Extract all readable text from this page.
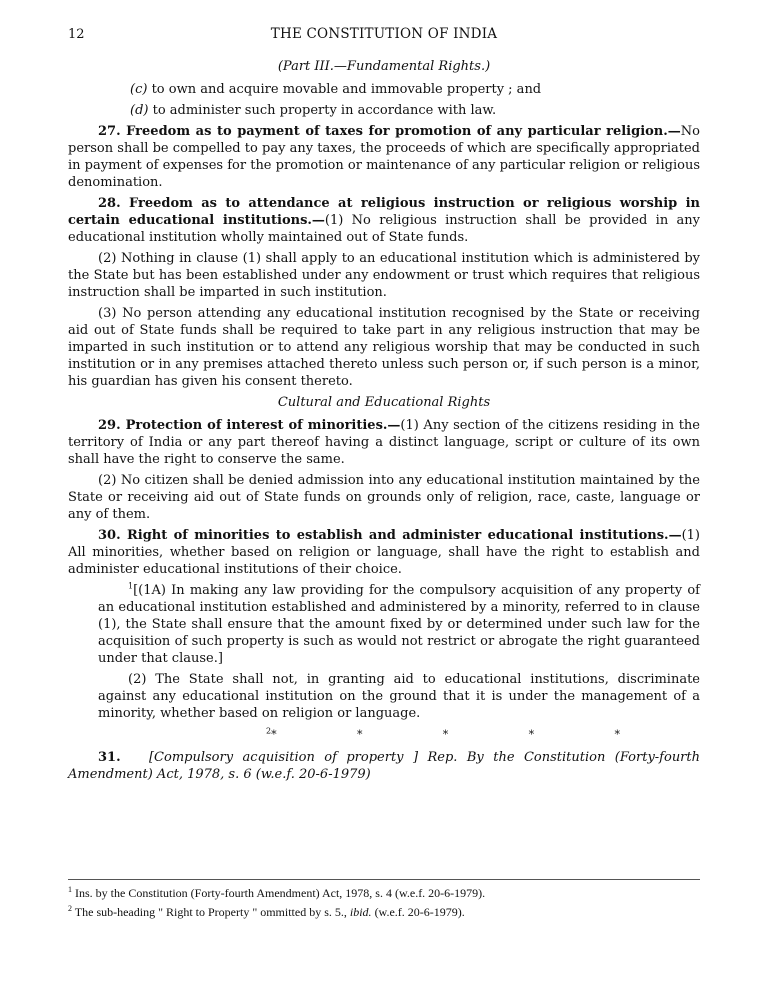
12	THE CONSTITUTION OF INDIA
(Part III.—Fundamental Rights.)

(c) to own and acquire movable and immovable property ; and

(d) to administer such property in accordance with law.

27. Freedom as to payment of taxes for promotion of any particular religion.—No person shall be compelled to pay any taxes, the proceeds of which are specifically appropriated in payment of expenses for the promotion or maintenance of any particular religion or religious denomination.

28. Freedom as to attendance at religious instruction or religious worship in certain educational institutions.—(1) No religious instruction shall be provided in any educational institution wholly maintained out of State funds.

(2) Nothing in clause (1) shall apply to an educational institution which is administered by the State but has been established under any endowment or trust which requires that religious instruction shall be imparted in such institution.

(3) No person attending any educational institution recognised by the State or receiving aid out of State funds shall be required to take part in any religious instruction that may be imparted in such institution or to attend any religious worship that may be conducted in such institution or in any premises attached thereto unless such person or, if such person is a minor, his guardian has given his consent thereto.

Cultural and Educational Rights

29. Protection of interest of minorities.—(1) Any section of the citizens residing in the territory of India or any part thereof having a distinct language, script or culture of its own shall have the right to conserve the same.

(2) No citizen shall be denied admission into any educational institution maintained by the State or receiving aid out of State funds on grounds only of religion, race, caste, language or any of them.

30. Right of minorities to establish and administer educational institutions.—(1) All minorities, whether based on religion or language, shall have the right to establish and administer educational institutions of their choice.

$^1$[(1A) In making any law providing for the compulsory acquisition of any property of an educational institution established and administered by a minority, referred to in clause (1), the State shall ensure that the amount fixed by or determined under such law for the acquisition of such property is such as would not restrict or abrogate the right guaranteed under that clause.]

(2) The State shall not, in granting aid to educational institutions, discriminate against any educational institution on the ground that it is under the management of a minority, whether based on religion or language.

$^2$*	*	*	*	*

31. [Compulsory acquisition of property ] Rep. By the Constitution (Forty-fourth Amendment) Act, 1978, s. 6 (w.e.f. 20-6-1979)

$^1$ Ins. by the Constitution (Forty-fourth Amendment) Act, 1978, s. 4 (w.e.f. 20-6-1979).
$^2$ The sub-heading " Right to Property " ommitted by s. 5., ibid. (w.e.f. 20-6-1979).
